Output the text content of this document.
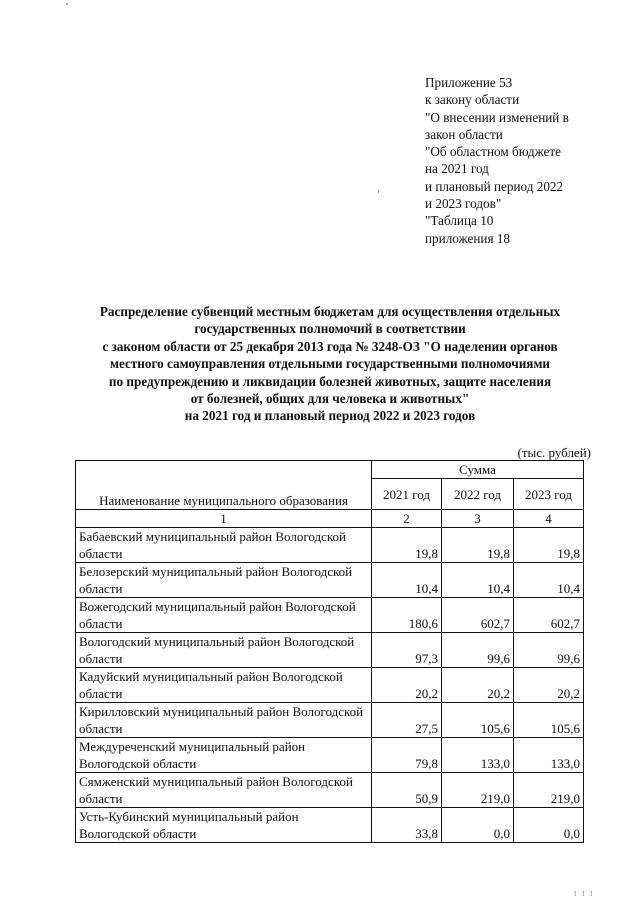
Приложение 53
к закону области
"О внесении изменений в
закон области
"Об областном бюджете
на 2021 год
и плановый период 2022
и 2023 годов"
"Таблица 10
приложения 18
Распределение субвенций местным бюджетам для осуществления отдельных
государственных полномочий в соответствии
с законом области от 25 декабря 2013 года № 3248-ОЗ "О наделении органов
местного самоуправления отдельными государственными полномочиями
по предупреждению и ликвидации болезней животных, защите населения
от болезней, общих для человека и животных"
на 2021 год и плановый период 2022 и 2023 годов
(тыс. рублей)
Наименование муниципального образования	Сумма		
	2021 год	2022 год	2023 год
1	2	3	4
Бабаевский муниципальный район Вологодской области	19,8	19,8	19,8
Белозерский муниципальный район Вологодской области	10,4	10,4	10,4
Вожегодский муниципальный район Вологодской области	180,6	602,7	602,7
Вологодский муниципальный район Вологодской области	97,3	99,6	99,6
Кадуйский муниципальный район Вологодской области	20,2	20,2	20,2
Кирилловский муниципальный район Вологодской области	27,5	105,6	105,6
Междуреченский муниципальный район Вологодской области	79,8	133,0	133,0
Сямженский муниципальный район Вологодской области	50,9	219,0	219,0
Усть-Кубинский муниципальный район Вологодской области	33,8	0,0	0,0
I I I
